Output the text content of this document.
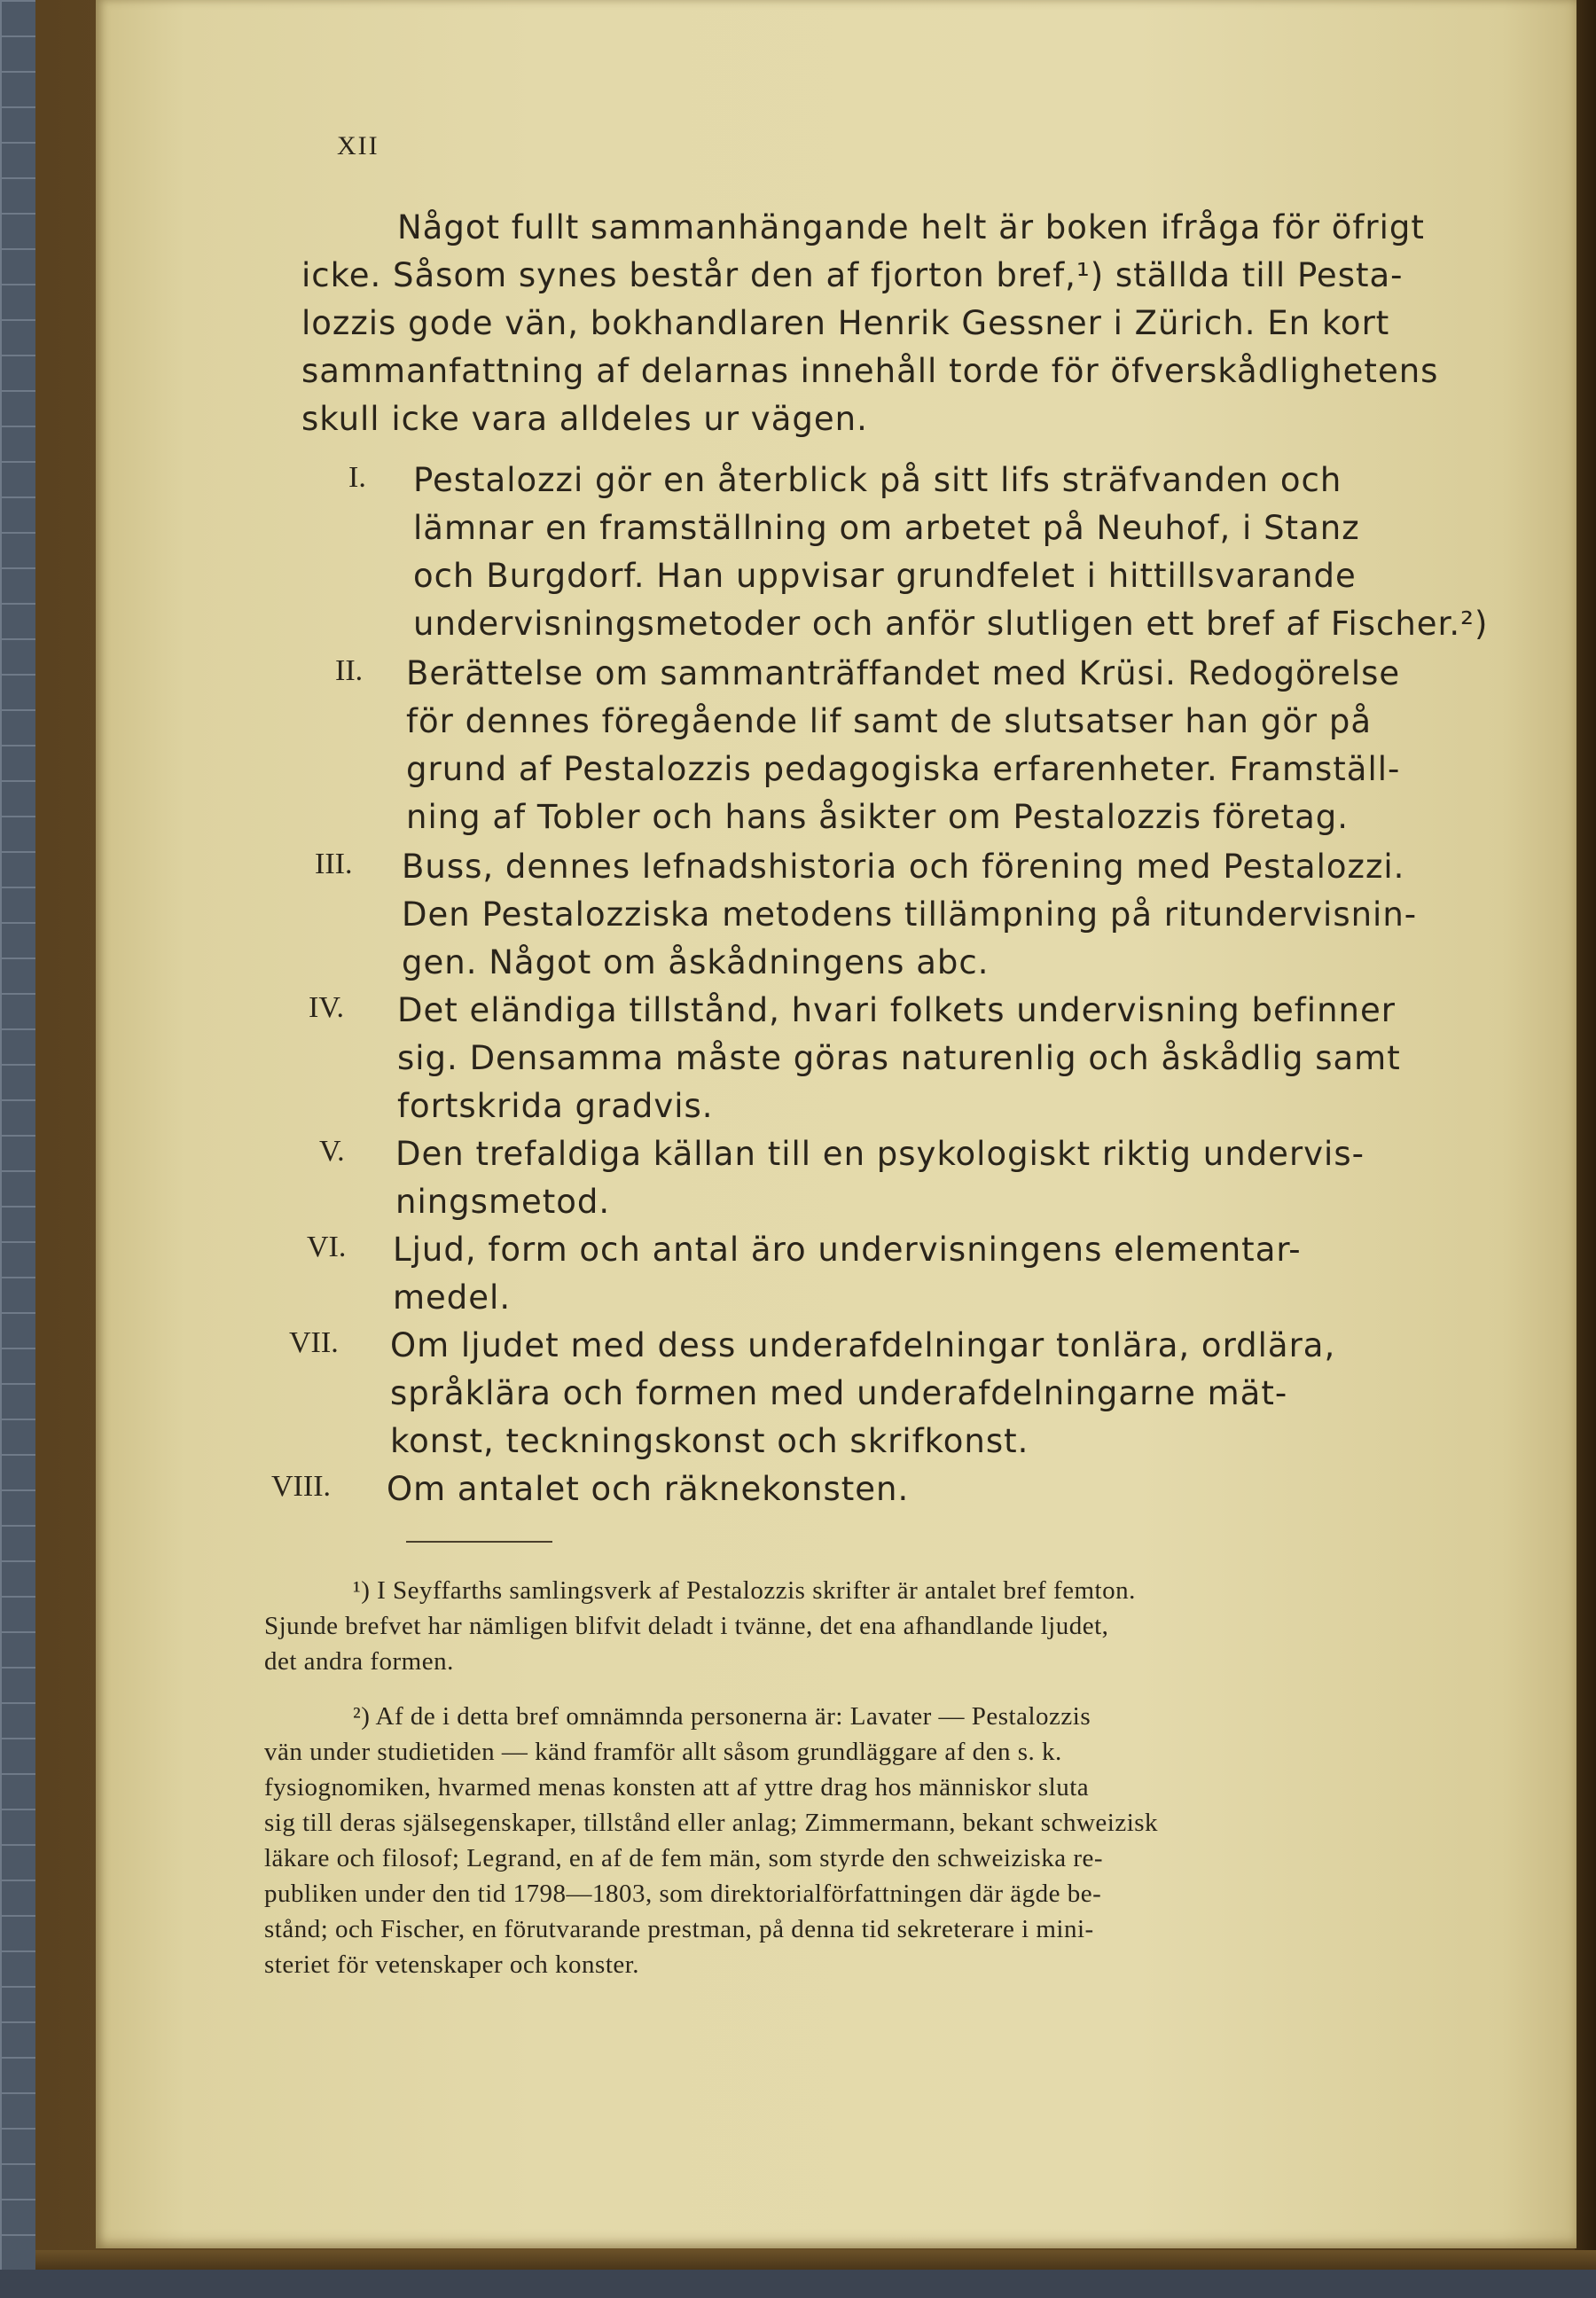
XII
Något fullt sammanhängande helt är boken ifråga för öfrigt
icke. Såsom synes består den af fjorton bref,¹) ställda till Pesta-
lozzis gode vän, bokhandlaren Henrik Gessner i Zürich. En kort
sammanfattning af delarnas innehåll torde för öfverskådlighetens
skull icke vara alldeles ur vägen.
I. Pestalozzi gör en återblick på sitt lifs sträfvanden och
lämnar en framställning om arbetet på Neuhof, i Stanz
och Burgdorf. Han uppvisar grundfelet i hittillsvarande
undervisningsmetoder och anför slutligen ett bref af Fischer.²)
II. Berättelse om sammanträffandet med Krüsi. Redogörelse
för dennes föregående lif samt de slutsatser han gör på
grund af Pestalozzis pedagogiska erfarenheter. Framställ-
ning af Tobler och hans åsikter om Pestalozzis företag.
III. Buss, dennes lefnadshistoria och förening med Pestalozzi.
Den Pestalozziska metodens tillämpning på ritundervisnin-
gen. Något om åskådningens abc.
IV. Det eländiga tillstånd, hvari folkets undervisning befinner
sig. Densamma måste göras naturenlig och åskådlig samt
fortskrida gradvis.
V. Den trefaldiga källan till en psykologiskt riktig undervis-
ningsmetod.
VI. Ljud, form och antal äro undervisningens elementar-
medel.
VII. Om ljudet med dess underafdelningar tonlära, ordlära,
språklära och formen med underafdelningarne mät-
konst, teckningskonst och skrifkonst.
VIII. Om antalet och räknekonsten.
¹) I Seyffarths samlingsverk af Pestalozzis skrifter är antalet bref femton.
Sjunde brefvet har nämligen blifvit deladt i tvänne, det ena afhandlande ljudet,
det andra formen.
²) Af de i detta bref omnämnda personerna är: Lavater — Pestalozzis
vän under studietiden — känd framför allt såsom grundläggare af den s. k.
fysiognomiken, hvarmed menas konsten att af yttre drag hos människor sluta
sig till deras själsegenskaper, tillstånd eller anlag; Zimmermann, bekant schweizisk
läkare och filosof; Legrand, en af de fem män, som styrde den schweiziska re-
publiken under den tid 1798—1803, som direktorialförfattningen där ägde be-
stånd; och Fischer, en förutvarande prestman, på denna tid sekreterare i mini-
steriet för vetenskaper och konster.
